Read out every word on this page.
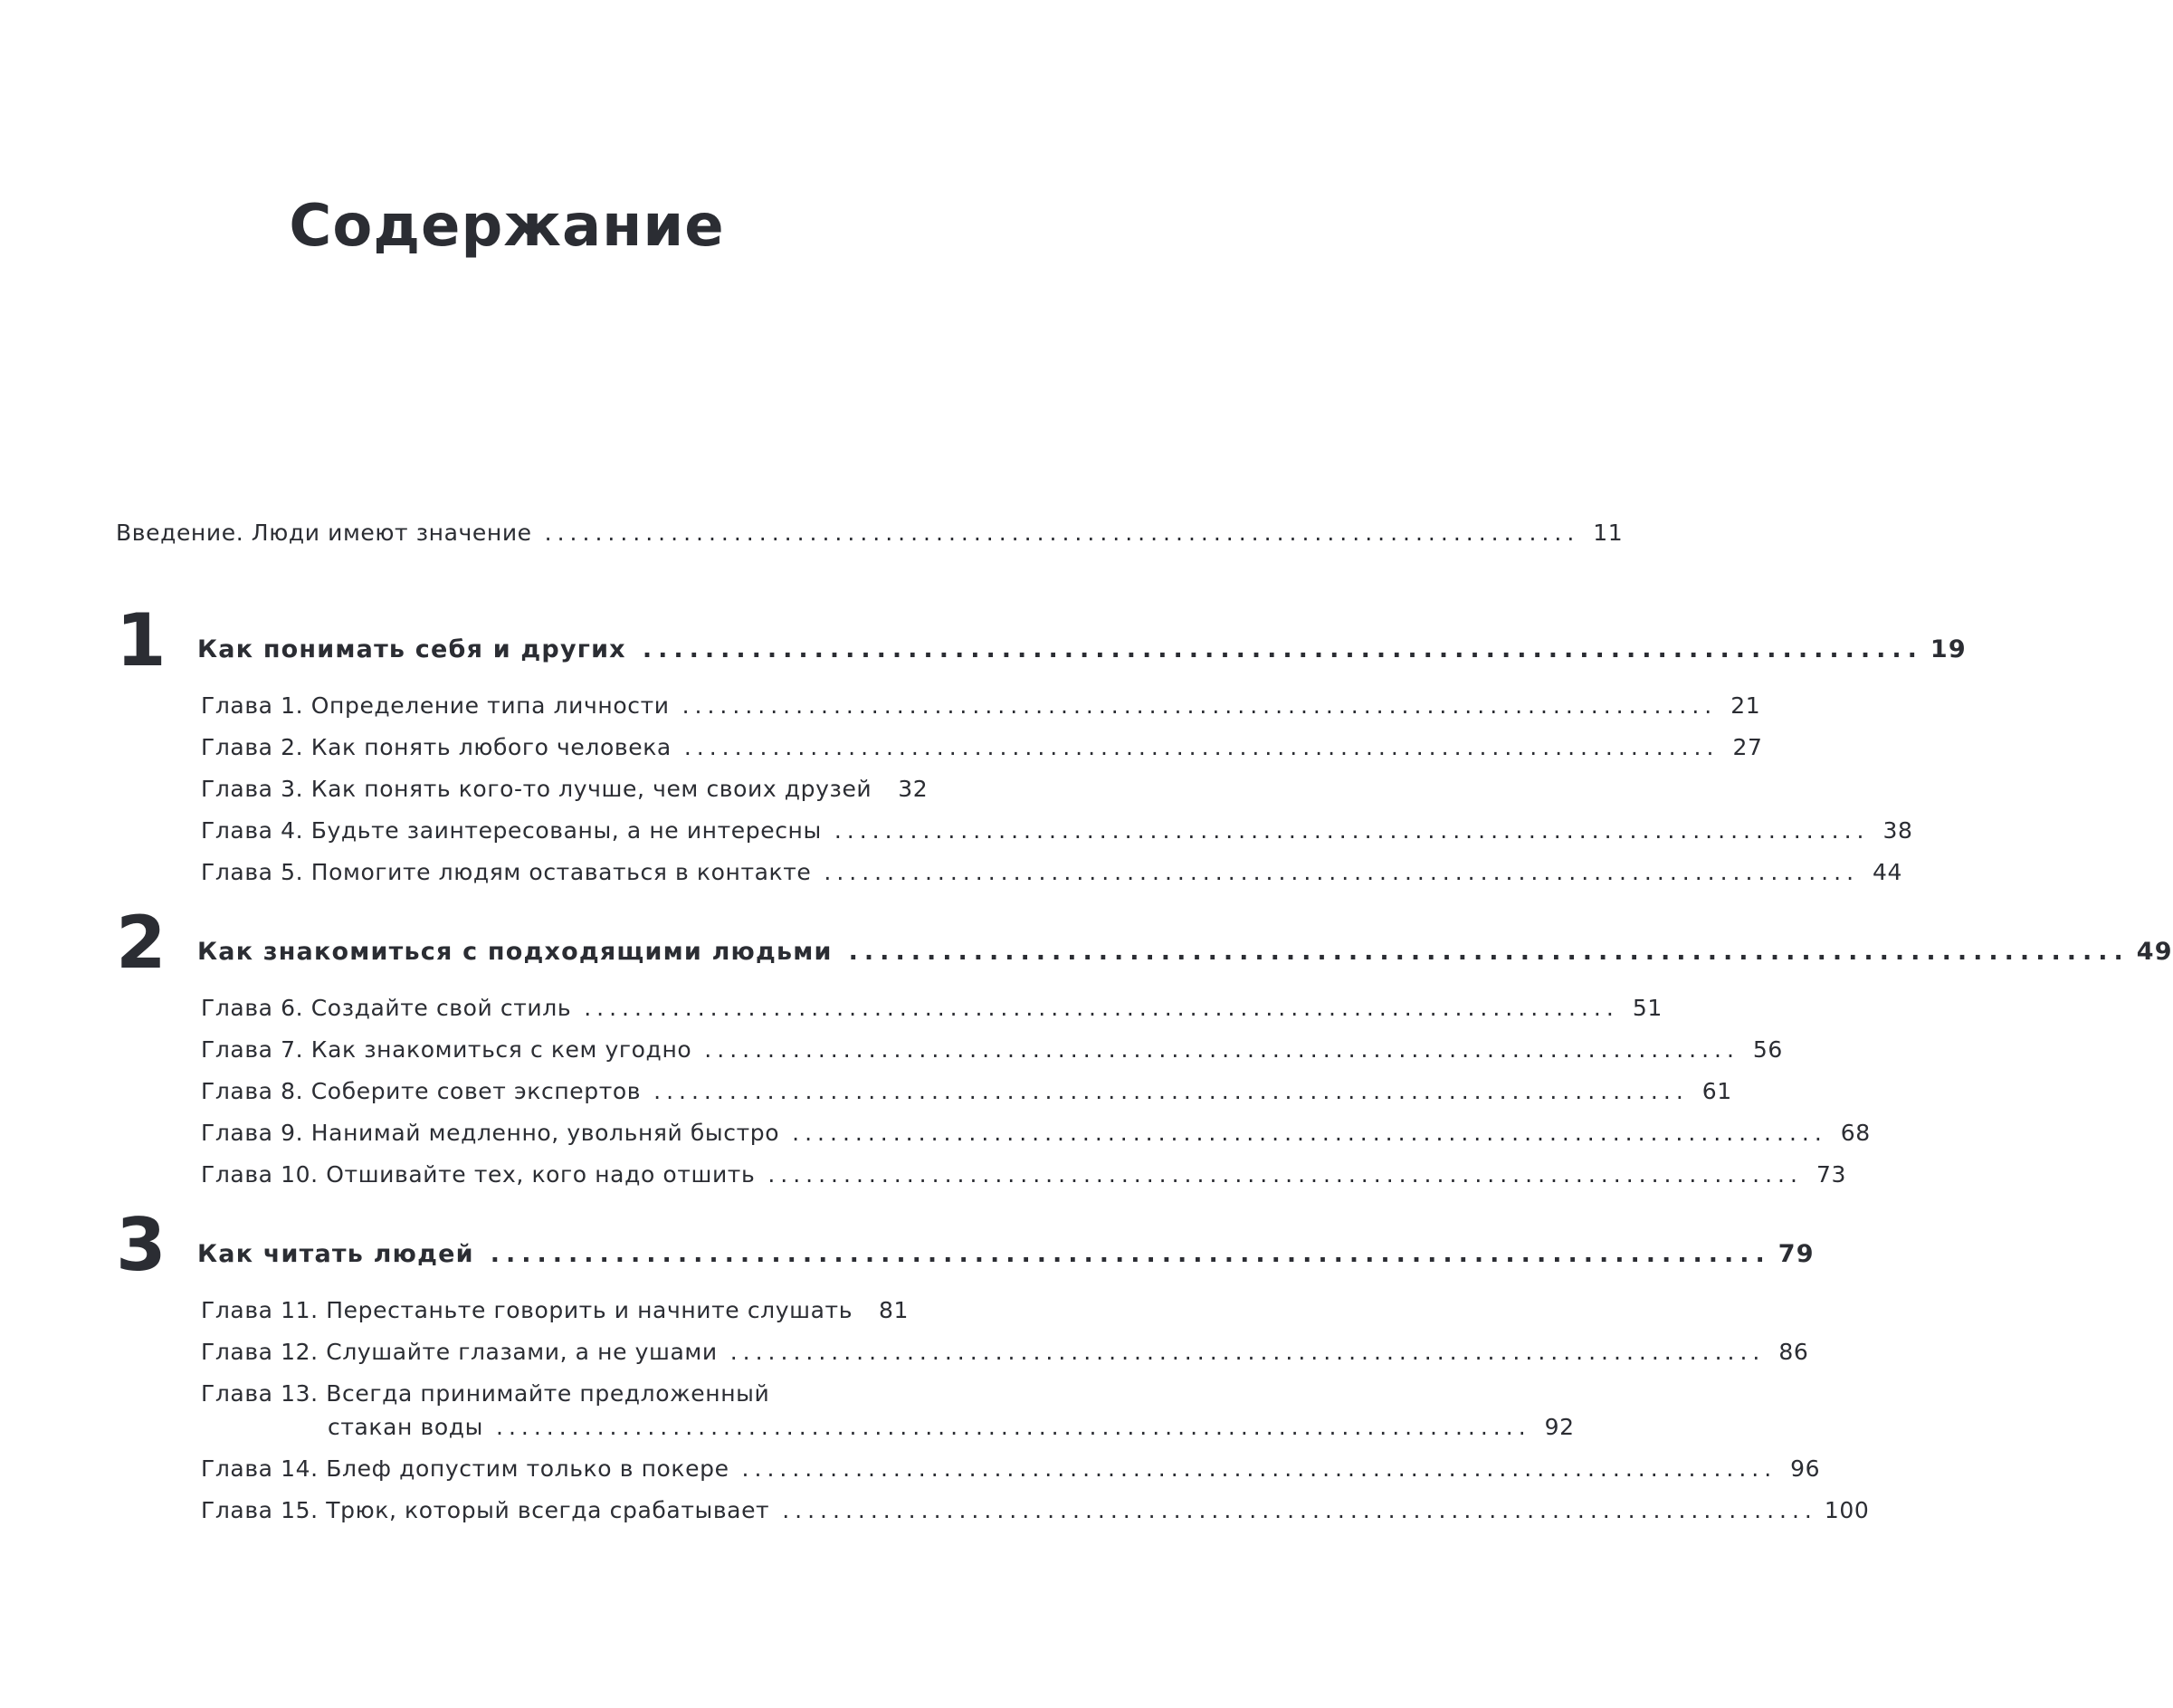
Содержание
Введение. Люди имеют значение .................................................................................. 11
1 Как понимать себя и других .................................................................................. 19
Глава 1.
Определение типа личности .................................................................................. 21
Глава 2.
Как понять любого человека .................................................................................. 27
Глава 3.
Как понять кого-то лучше, чем своих друзей 32
Глава 4.
Будьте заинтересованы, а не интересны .................................................................................. 38
Глава 5.
Помогите людям оставаться в контакте .................................................................................. 44
2 Как знакомиться с подходящими людьми .................................................................................. 49
Глава 6.
Создайте свой стиль .................................................................................. 51
Глава 7.
Как знакомиться с кем угодно .................................................................................. 56
Глава 8.
Соберите совет экспертов .................................................................................. 61
Глава 9.
Нанимай медленно, увольняй быстро .................................................................................. 68
Глава 10.
Отшивайте тех, кого надо отшить .................................................................................. 73
3 Как читать людей .................................................................................. 79
Глава 11.
Перестаньте говорить и начните слушать 81
Глава 12.
Слушайте глазами, а не ушами .................................................................................. 86
Глава 13.
Всегда принимайте предложенный
стакан воды .................................................................................. 92
Глава 14.
Блеф допустим только в покере .................................................................................. 96
Глава 15.
Трюк, который всегда срабатывает .................................................................................. 100
